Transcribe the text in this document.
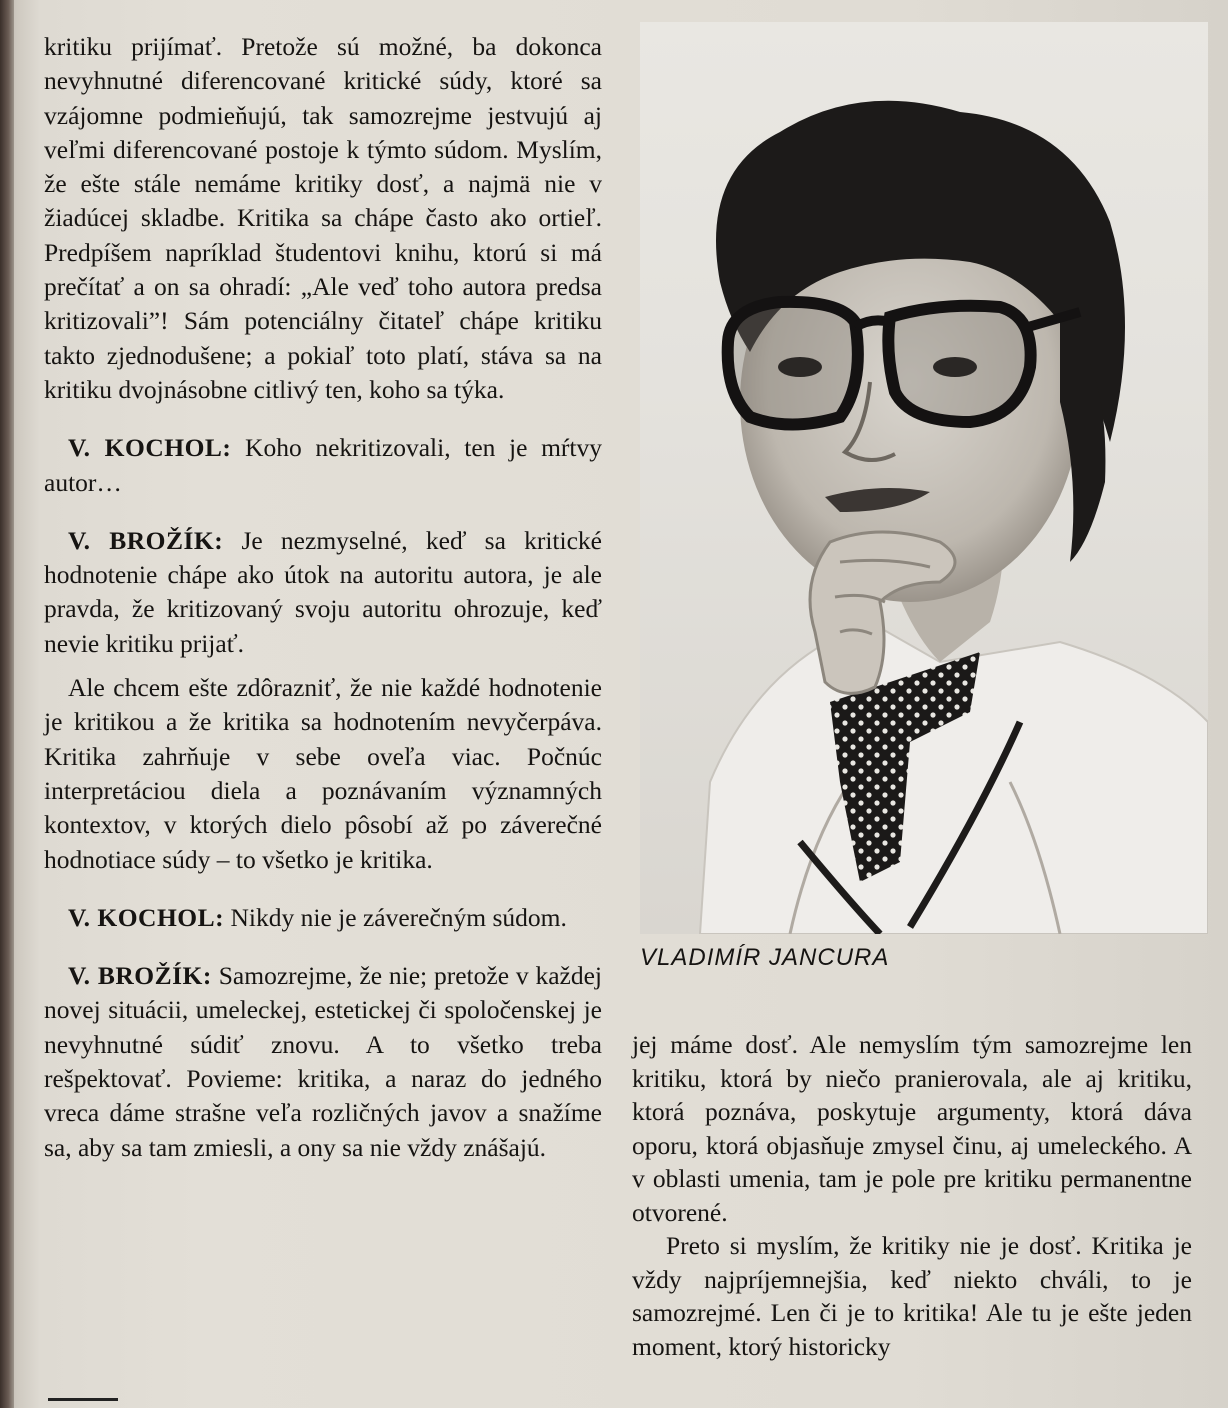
kritiku prijímať. Pretože sú možné, ba dokonca nevyhnutné diferencované kritické súdy, ktoré sa vzájomne podmieňujú, tak samozrejme jestvujú aj veľmi diferencované postoje k týmto súdom. Myslím, že ešte stále nemáme kritiky dosť, a najmä nie v žiadúcej skladbe. Kritika sa chápe často ako ortieľ. Predpíšem napríklad študentovi knihu, ktorú si má prečítať a on sa ohradí: „Ale veď toho autora predsa kritizovali”! Sám potenciálny čitateľ chápe kritiku takto zjednodušene; a pokiaľ toto platí, stáva sa na kritiku dvojnásobne citlivý ten, koho sa týka.

V. KOCHOL: Koho nekritizovali, ten je mŕtvy autor…

V. BROŽÍK: Je nezmyselné, keď sa kritické hodnotenie chápe ako útok na autoritu autora, je ale pravda, že kritizovaný svoju autoritu ohrozuje, keď nevie kritiku prijať.

Ale chcem ešte zdôrazniť, že nie každé hodnotenie je kritikou a že kritika sa hodnotením nevyčerpáva. Kritika zahrňuje v sebe oveľa viac. Počnúc interpretáciou diela a poznávaním významných kontextov, v ktorých dielo pôsobí až po záverečné hodnotiace súdy – to všetko je kritika.

V. KOCHOL: Nikdy nie je záverečným súdom.

V. BROŽÍK: Samozrejme, že nie; pretože v každej novej situácii, umeleckej, estetickej či spoločenskej je nevyhnutné súdiť znovu. A to všetko treba rešpektovať. Povieme: kritika, a naraz do jedného vreca dáme strašne veľa rozličných javov a snažíme sa, aby sa tam zmiesli, a ony sa nie vždy znášajú.

VLADIMÍR JANCURA

jej máme dosť. Ale nemyslím tým samozrejme len kritiku, ktorá by niečo pranierovala, ale aj kritiku, ktorá poznáva, poskytuje argumenty, ktorá dáva oporu, ktorá objasňuje zmysel činu, aj umeleckého. A v oblasti umenia, tam je pole pre kritiku permanentne otvorené.

Preto si myslím, že kritiky nie je dosť. Kritika je vždy najpríjemnejšia, keď niekto chváli, to je samozrejmé. Len či je to kritika! Ale tu je ešte jeden moment, ktorý historicky
